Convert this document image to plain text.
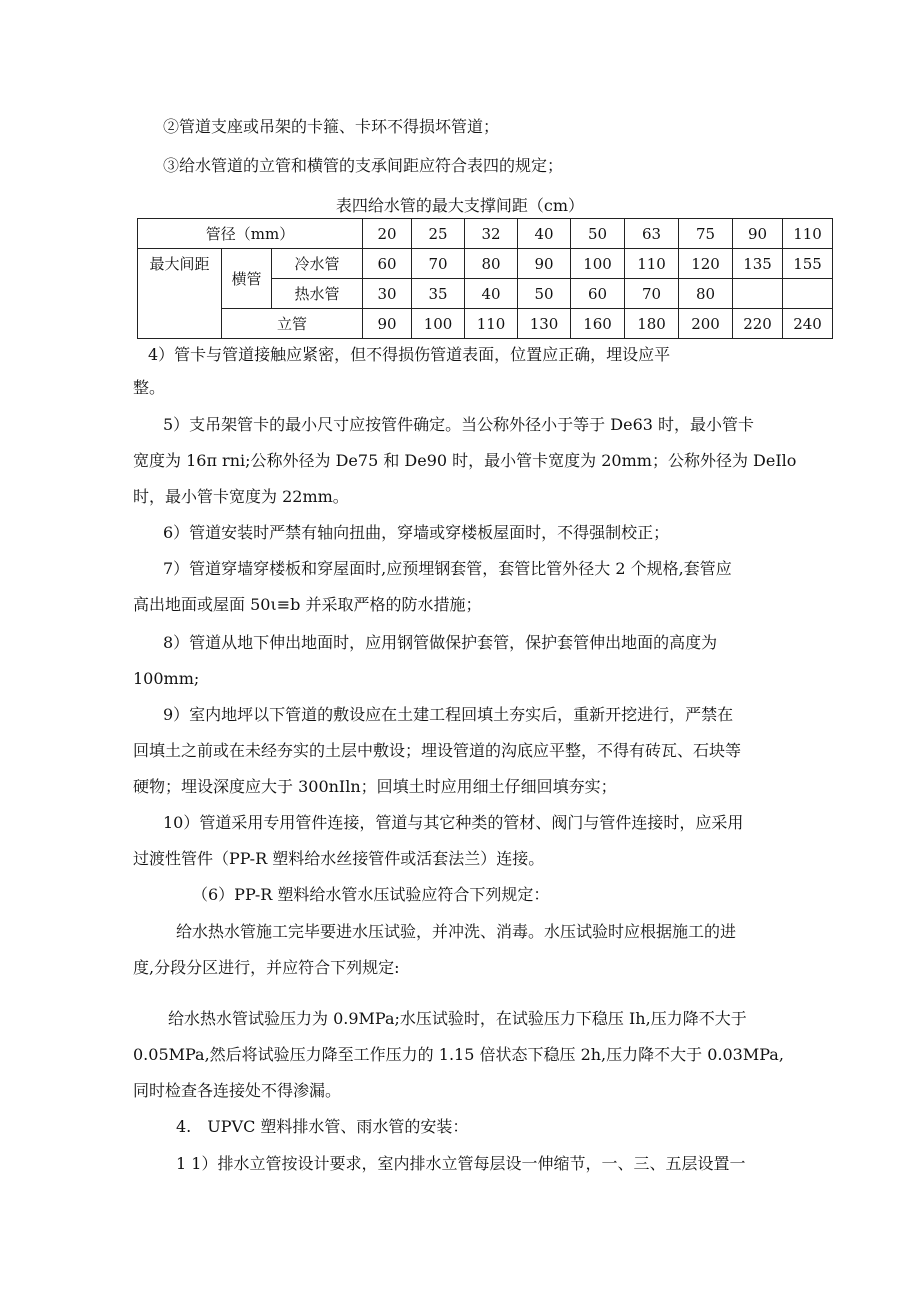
②管道支座或吊架的卡箍、卡环不得损坏管道；
③给水管道的立管和横管的支承间距应符合表四的规定；
表四给水管的最大支撑间距（cm）
管径（mm）			20	25	32	40	50	63	75	90	110
最大间距	横管	冷水管	60	70	80	90	100	110	120	135	155
		热水管	30	35	40	50	60	70	80		
	立管		90	100	110	130	160	180	200	220	240
4）管卡与管道接触应紧密，但不得损伤管道表面，位置应正确，埋设应平
整。
5）支吊架管卡的最小尺寸应按管件确定。当公称外径小于等于 De63 时，最小管卡
宽度为 16π rni;公称外径为 De75 和 De90 时，最小管卡宽度为 20mm；公称外径为 DeIlo
时，最小管卡宽度为 22mm。
6）管道安装时严禁有轴向扭曲，穿墙或穿楼板屋面时，不得强制校正；
7）管道穿墙穿楼板和穿屋面时,应预埋钢套管，套管比管外径大 2 个规格,套管应
高出地面或屋面 50ι≡b 并采取严格的防水措施；
8）管道从地下伸出地面时，应用钢管做保护套管，保护套管伸出地面的高度为
100mm;
9）室内地坪以下管道的敷设应在土建工程回填土夯实后，重新开挖进行，严禁在
回填土之前或在未经夯实的土层中敷设；埋设管道的沟底应平整，不得有砖瓦、石块等
硬物；埋设深度应大于 300nIln；回填土时应用细土仔细回填夯实；
10）管道采用专用管件连接，管道与其它种类的管材、阀门与管件连接时，应采用
过渡性管件（PP-R 塑料给水丝接管件或活套法兰）连接。
（6）PP-R 塑料给水管水压试验应符合下列规定：
给水热水管施工完毕要进水压试验，并冲洗、消毒。水压试验时应根据施工的进
度,分段分区进行，并应符合下列规定:
给水热水管试验压力为 0.9MPa;水压试验时，在试验压力下稳压 Ih,压力降不大于
0.05MPa,然后将试验压力降至工作压力的 1.15 倍状态下稳压 2h,压力降不大于 0.03MPa,
同时检查各连接处不得渗漏。
4.　UPVC 塑料排水管、雨水管的安装：
1 1）排水立管按设计要求，室内排水立管每层设一伸缩节，一、三、五层设置一
